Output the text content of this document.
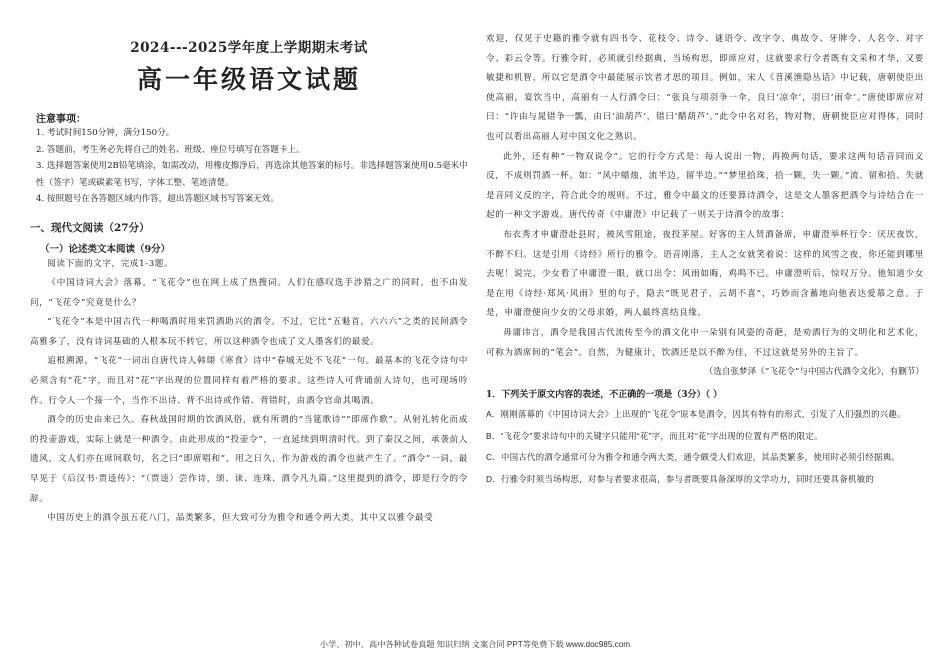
2024---2025学年度上学期期末考试
高一年级语文试题
注意事项：
1. 考试时间150分钟，满分150分。
2. 答题前，考生务必先将自己的姓名、班级、座位号填写在答题卡上。
3. 选择题答案使用2B铅笔填涂，如需改动，用橡皮擦净后，再选涂其他答案的标号。非选择题答案使用0.5毫米中性（签字）笔或碳素笔书写，字体工整、笔迹清楚。
4. 按照题号在各答题区域内作答，超出答题区域书写答案无效。
一、现代文阅读（27分）
（一）论述类文本阅读（9分）
阅读下面的文字，完成1-3题。
《中国诗词大会》落幕，“飞花令”也在网上成了热搜词。人们在感叹选手涉猎之广的同时，也不由发问，“飞花令”究竟是什么？
“飞花令”本是中国古代一种喝酒时用来罚酒助兴的酒令。不过，它比“五魁首，六六六”之类的民间酒令高雅多了，没有诗词基础的人根本玩不转它，所以这种酒令也成了文人墨客们的最爱。
追根溯源，“飞花”一词出自唐代诗人韩翃《寒食》诗中“春城无处不飞花”一句。最基本的飞花令诗句中必须含有“花”字，而且对“花”字出现的位置同样有着严格的要求。这些诗人可背诵前人诗句，也可现场吟作。行令人一个接一个，当作不出诗、背不出诗或作错、背错时，由酒令官命其喝酒。
酒令的历史由来已久。春秋战国时期的饮酒风俗，就有所谓的“当筵歌诗”“即席作歌”。从射礼转化而成的投壶游戏，实际上就是一种酒令。由此形成的“投壶令”，一直延续到明清时代。到了秦汉之间，承袭前人遗风，文人们亦在席间联句，名之曰“即席唱和”，用之日久，作为游戏的酒令也就产生了。“酒令”一词，最早见于《后汉书·贾逵传》：“（贾逵）尝作诗，颂、诔、连珠、酒令凡九篇。”这里提到的酒令，即是行令的令辞。
中国历史上的酒令虽五花八门，品类繁多，但大致可分为雅令和通令两大类，其中又以雅令最受
欢迎，仅见于史籍的雅令就有四书令、花枝令、诗令、谜语令、改字令、典故令、牙牌令、人名令、对字令、彩云令等。行雅令时，必须就引经据典，当场构思，即席应对，这就要求行令者既有文采和才华，又要敏捷和机智，所以它是酒令中最能展示饮者才思的项目。例如，宋人《苕溪渔隐丛话》中记载，唐朝使臣出使高丽，宴饮当中，高丽有一人行酒令曰：“张良与项羽争一伞，良曰‘凉伞’，羽曰‘雨伞’。”唐使即席应对曰：“许由与晁错争一瓢，由曰‘油葫芦’，错曰‘醋葫芦’。”此令中名对名，物对物，唐朝使臣应对得体，同时也可以看出高丽人对中国文化之熟识。
此外，还有种“一物双说令”。它的行令方式是：每人说出一物，再换两句话，要求这两句话音同而义反，不成则罚酒一杯。如：“风中蜡烛，流半边，留半边。”“梦里拾珠，拾一颗，失一颗。”流、留和拾、失就是音同义反的字，符合此令的规则。不过，雅令中最文的还要算诗酒令，这是文人墨客把酒令与诗结合在一起的一种文字游戏。唐代传奇《中庸澄》中记载了一则关于诗酒令的故事：
布衣秀才申庸澄赴县时，被风雪阻途，夜投茅屋。好客的主人贤酒备席，申庸澄举杯行令：厌厌夜饮，不醉不归。这是引用《诗经》所行的雅令。语音刚落，主人之女就笑着说：这样的风雪之夜，你还能到哪里去呢！说完，少女看了申庸澄一眼，就口出令：风雨如晦，鸡鸣不已。申庸澄听后，惊叹万分。他知道少女是在用《诗经·郑风·风雨》里的句子，隐去“既见君子，云胡不喜”，巧妙而含蓄地向他表达爱慕之意。于是，申庸澄便向少女的父母求婚，两人最终喜结良缘。
毋庸讳言，酒令是我国古代流传至今的酒文化中一朵别有风姿的奇葩，是劝酒行为的文明化和艺术化，可称为酒席间的“笔会”。自然，为健康计，饮酒还是以不醉为佳，不过这就是另外的主旨了。
（选自张梦泽《“飞花令”与中国古代酒令文化》，有删节）
1．下列关于原文内容的表述，不正确的一项是（3分）（ ）
A．刚刚落幕的《中国诗词大会》上出现的“飞花令”原本是酒令，因其有特有的形式，引发了人们强烈的兴趣。
B．“飞花令”要求诗句中的关键字只能用“花”字，而且对“花”字出现的位置有严格的限定。
C．中国古代的酒令通常可分为雅令和通令两大类，通令颇受人们欢迎，其品类繁多，使用时必须引经据典。
D．行雅令时须当场构思，对参与者要求很高，参与者既要具备深厚的文学功力，同时还要具备机敏的
小学、初中、高中各种试卷真题 知识归纳 文案合同 PPT等免费下载 www.doc985.com
